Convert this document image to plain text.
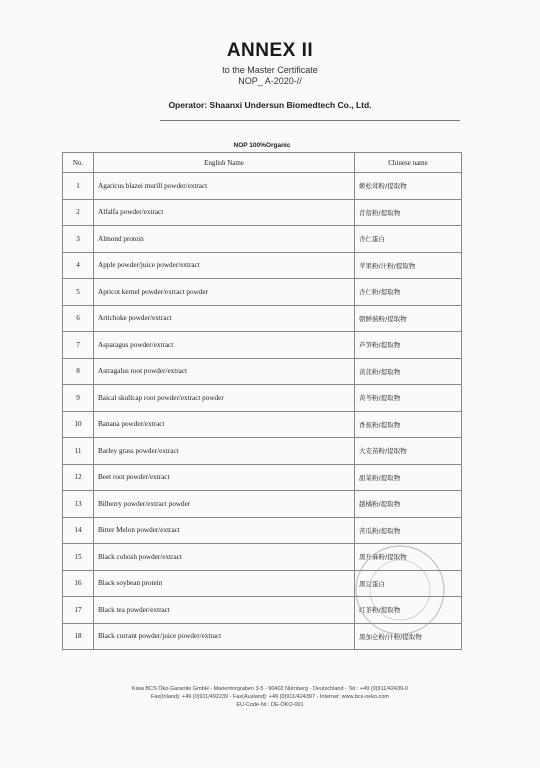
ANNEX II
to the Master Certificate
NOP_ A-2020-//
Operator: Shaanxi Undersun Biomedtech Co., Ltd.
NOP 100%Organic
No.	English Name	Chinese name
1	Agaricus blazei murill powder/extract	姬松茸粉/提取物
2	Alfalfa powder/extract	苜蓿粉/提取物
3	Almond protein	杏仁蛋白
4	Apple powder/juice powder/extract	苹果粉/汁粉/提取物
5	Apricot kernel powder/extract powder	杏仁粉/提取物
6	Artichoke powder/extract	朝鲜蓟粉/提取物
7	Asparagus powder/extract	芦笋粉/提取物
8	Astragalus root powder/extract	黄芪粉/提取物
9	Baical skullcap root powder/extract powder	黄芩粉/提取物
10	Banana powder/extract	香蕉粉/提取物
11	Barley grass powder/extract	大麦苗粉/提取物
12	Beet root powder/extract	甜菜粉/提取物
13	Bilberry powder/extract powder	越橘粉/提取物
14	Bitter Melon powder/extract	苦瓜粉/提取物
15	Black cohosh powder/extract	黑升麻粉/提取物
16	Black soybean protein	黑豆蛋白
17	Black tea powder/extract	红茶粉/提取物
18	Black currant powder/juice powder/extract	黑加仑粉/汁粉/提取物
Kiwa BCS Öko-Garantie GmbH - Marientorgraben 3-5 - 90402 Nürnberg - Deutschland - Tel.: +49 (0)911/42439-0
Fax(Inland): +49 (0)911/492239 - Fax(Ausland): +49 (0)911/424397 - Internet: www.bcs-oeko.com
EU-Code-Nr.: DE-ÖKO-001
